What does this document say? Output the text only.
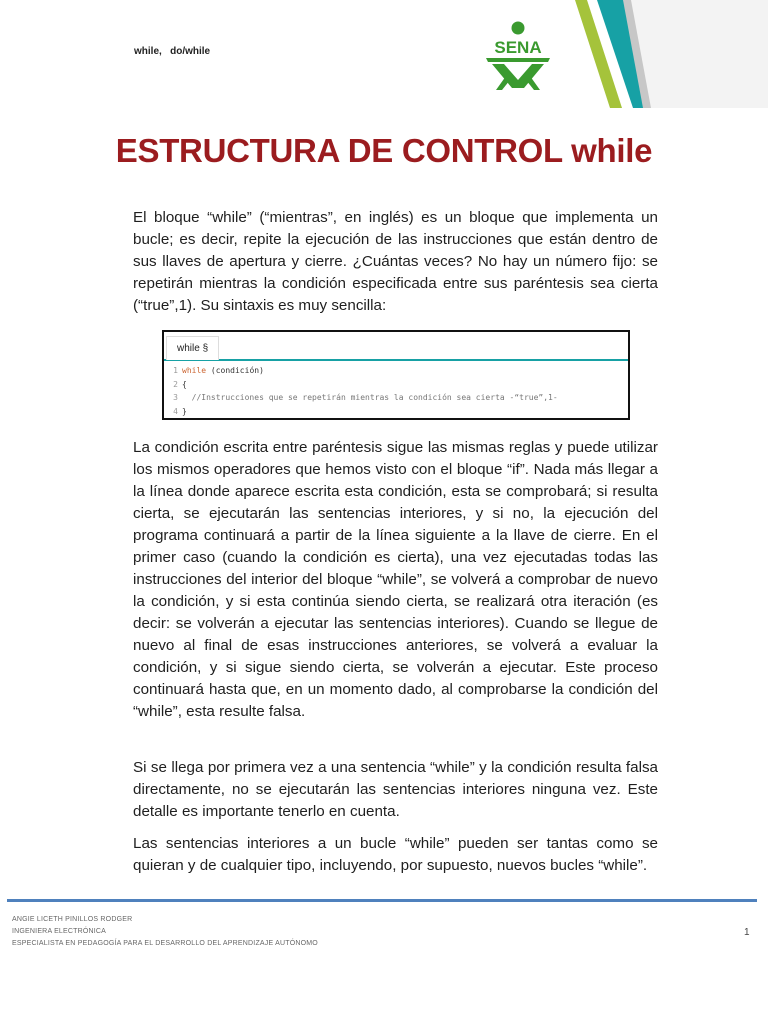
while,   do/while	SENA
ESTRUCTURA DE CONTROL while

El bloque “while” (“mientras”, en inglés) es un bloque que implementa un bucle; es decir, repite la ejecución de las instrucciones que están dentro de sus llaves de apertura y cierre. ¿Cuántas veces? No hay un número fijo: se repetirán mientras la condición especificada entre sus paréntesis sea cierta (“true”,1). Su sintaxis es muy sencilla:

while §
1 while (condición)
2 {
3  //Instrucciones que se repetirán mientras la condición sea cierta -“true”,1-
4 }

La condición escrita entre paréntesis sigue las mismas reglas y puede utilizar los mismos operadores que hemos visto con el bloque “if”. Nada más llegar a la línea donde aparece escrita esta condición, esta se comprobará; si resulta cierta, se ejecutarán las sentencias interiores, y si no, la ejecución del programa continuará a partir de la línea siguiente a la llave de cierre. En el primer caso (cuando la condición es cierta), una vez ejecutadas todas las instrucciones del interior del bloque “while”, se volverá a comprobar de nuevo la condición, y si esta continúa siendo cierta, se realizará otra iteración (es decir: se volverán a ejecutar las sentencias interiores). Cuando se llegue de nuevo al final de esas instrucciones anteriores, se volverá a evaluar la condición, y si sigue siendo cierta, se volverán a ejecutar. Este proceso continuará hasta que, en un momento dado, al comprobarse la condición del “while”, esta resulte falsa.

Si se llega por primera vez a una sentencia “while” y la condición resulta falsa directamente, no se ejecutarán las sentencias interiores ninguna vez. Este detalle es importante tenerlo en cuenta.

Las sentencias interiores a un bucle “while” pueden ser tantas como se quieran y de cualquier tipo, incluyendo, por supuesto, nuevos bucles “while”.

ANGIE LICETH PINILLOS RODGER
INGENIERA ELECTRÓNICA
ESPECIALISTA EN PEDAGOGÍA PARA EL DESARROLLO DEL APRENDIZAJE AUTÓNOMO
1
